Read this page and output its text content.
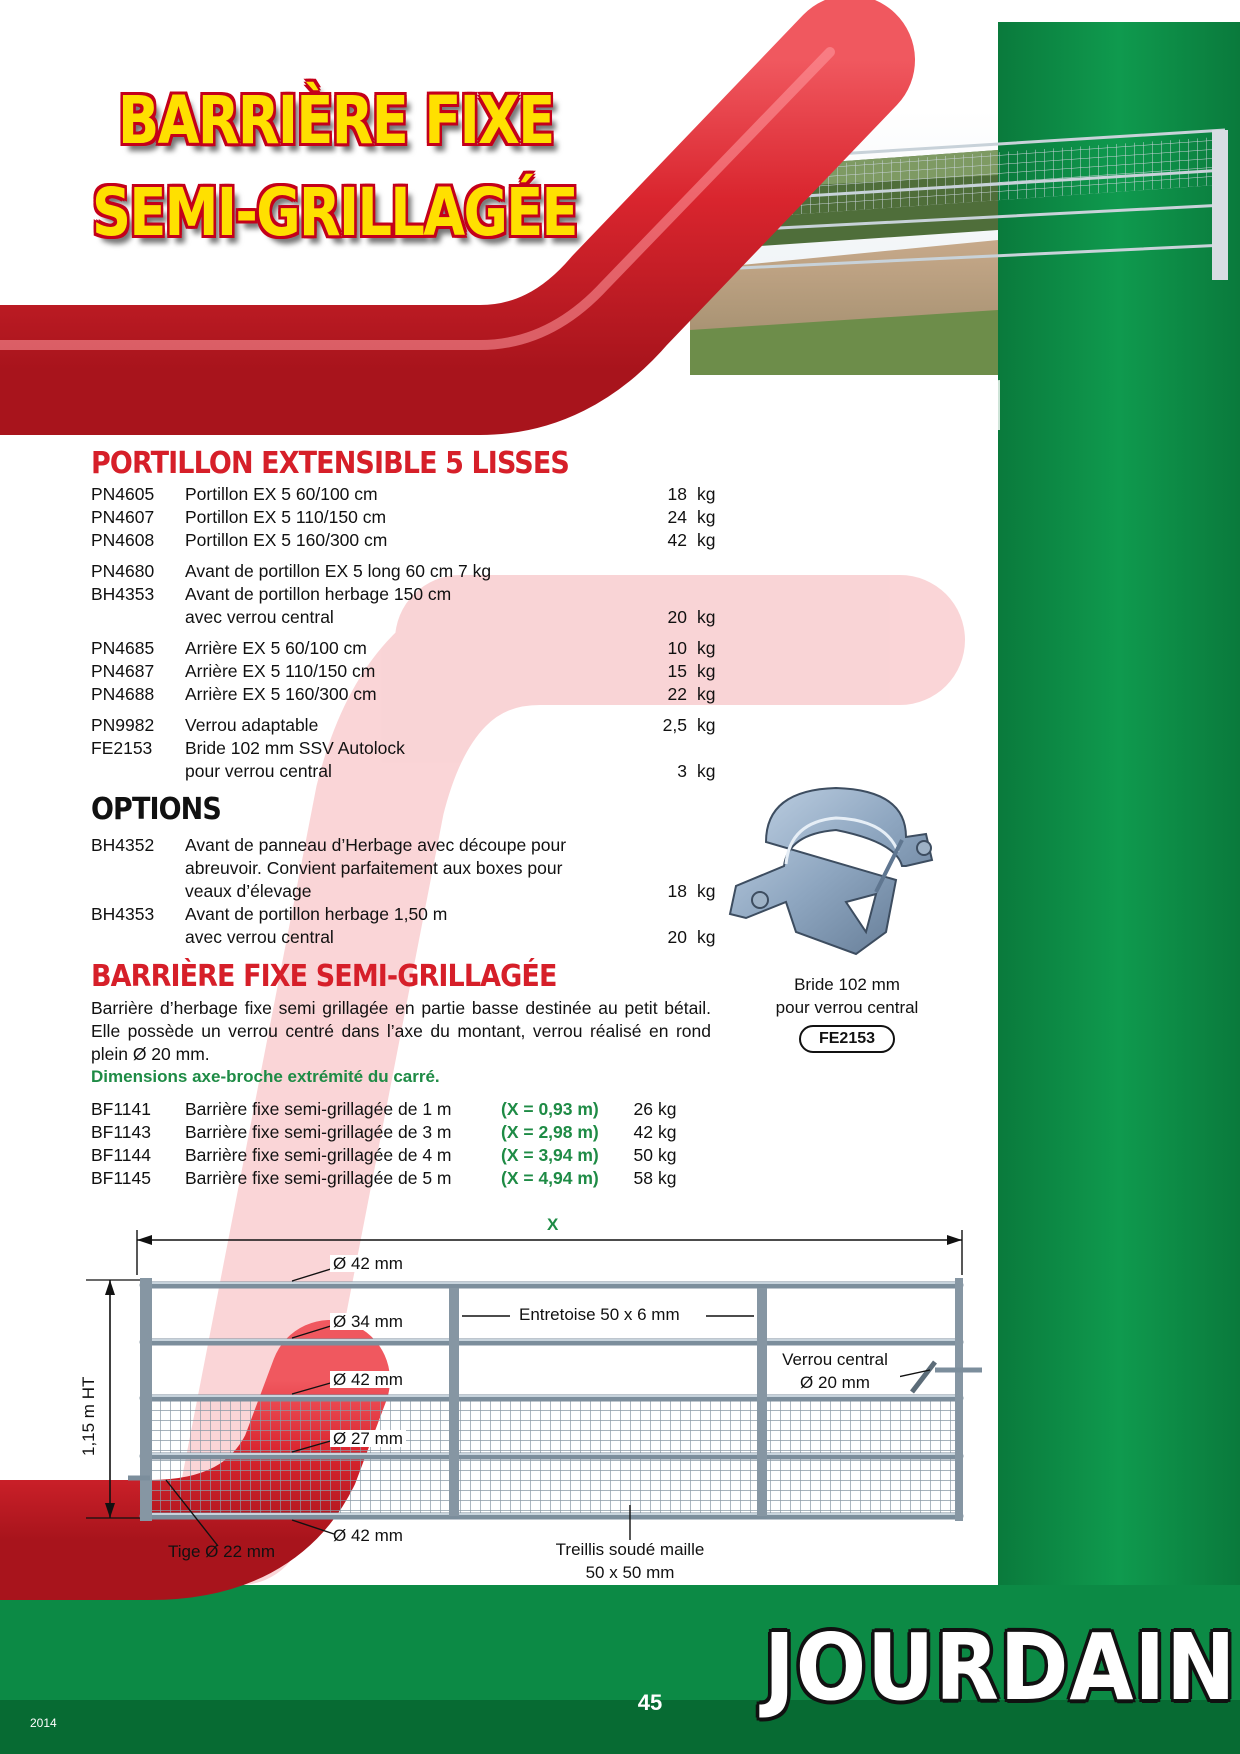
BARRIÈRE FIXE
SEMI-GRILLAGÉE
PORTILLON EXTENSIBLE 5 LISSES
PN4605 Portillon EX 5 60/100 cm	18 kg
PN4607 Portillon EX 5 110/150 cm	24 kg
PN4608 Portillon EX 5 160/300 cm	42 kg
PN4680 Avant de portillon EX 5 long 60 cm 7 kg
BH4353 Avant de portillon herbage 150 cm
avec verrou central	20 kg
PN4685 Arrière EX 5 60/100 cm	10 kg
PN4687 Arrière EX 5 110/150 cm	15 kg
PN4688 Arrière EX 5 160/300 cm	22 kg
PN9982 Verrou adaptable	2,5 kg
FE2153 Bride 102 mm SSV Autolock
pour verrou central	3 kg
OPTIONS
BH4352 Avant de panneau d’Herbage avec découpe pour
abreuvoir. Convient parfaitement aux boxes pour
veaux d’élevage	18 kg
BH4353 Avant de portillon herbage 1,50 m
avec verrou central	20 kg
BARRIÈRE FIXE SEMI-GRILLAGÉE
Barrière d’herbage fixe semi grillagée en partie basse destinée au petit bétail. Elle possède un verrou centré dans l’axe du montant, verrou réalisé en rond plein Ø 20 mm.
Dimensions axe-broche extrémité du carré.
BF1141 Barrière fixe semi-grillagée de 1 m	(X = 0,93 m) 26 kg
BF1143 Barrière fixe semi-grillagée de 3 m	(X = 2,98 m) 42 kg
BF1144 Barrière fixe semi-grillagée de 4 m	(X = 3,94 m) 50 kg
BF1145 Barrière fixe semi-grillagée de 5 m	(X = 4,94 m) 58 kg
Bride 102 mm
pour verrou central
FE2153
X
1,15 m HT
Ø 42 mm
Ø 34 mm
Ø 42 mm
Ø 27 mm
Ø 42 mm
Entretoise 50 x 6 mm
Verrou central
Ø 20 mm
Tige Ø 22 mm	Treillis soudé maille
50 x 50 mm
JOURDAIN
45
2014
